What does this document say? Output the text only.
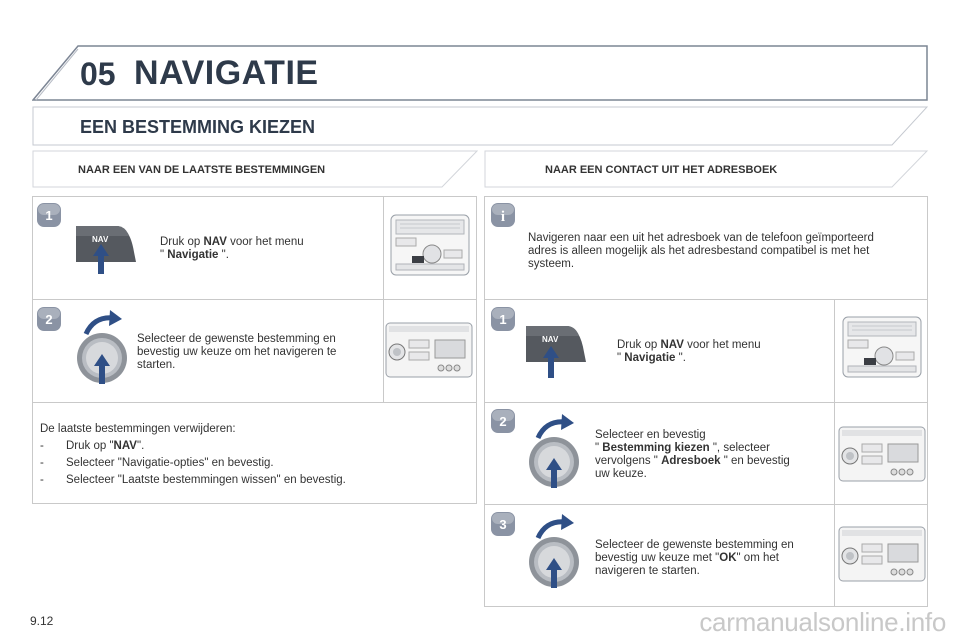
05 NAVIGATIE
EEN BESTEMMING KIEZEN
NAAR EEN VAN DE LAATSTE BESTEMMINGEN	NAAR EEN CONTACT UIT HET ADRESBOEK
1
NAV	Druk op NAV voor het menu
" Navigatie ".
2
Selecteer de gewenste bestemming en bevestig uw keuze om het navigeren te starten.
De laatste bestemmingen verwijderen:
- Druk op "NAV".
- Selecteer "Navigatie-opties" en bevestig.
- Selecteer "Laatste bestemmingen wissen" en bevestig.
i
Navigeren naar een uit het adresboek van de telefoon geïmporteerd adres is alleen mogelijk als het adresbestand compatibel is met het systeem.
1
NAV	Druk op NAV voor het menu
" Navigatie ".
2
Selecteer en bevestig
" Bestemming kiezen ", selecteer
vervolgens " Adresboek " en bevestig
uw keuze.
3
Selecteer de gewenste bestemming en
bevestig uw keuze met "OK" om het
navigeren te starten.
9.12	carmanualsonline.info
